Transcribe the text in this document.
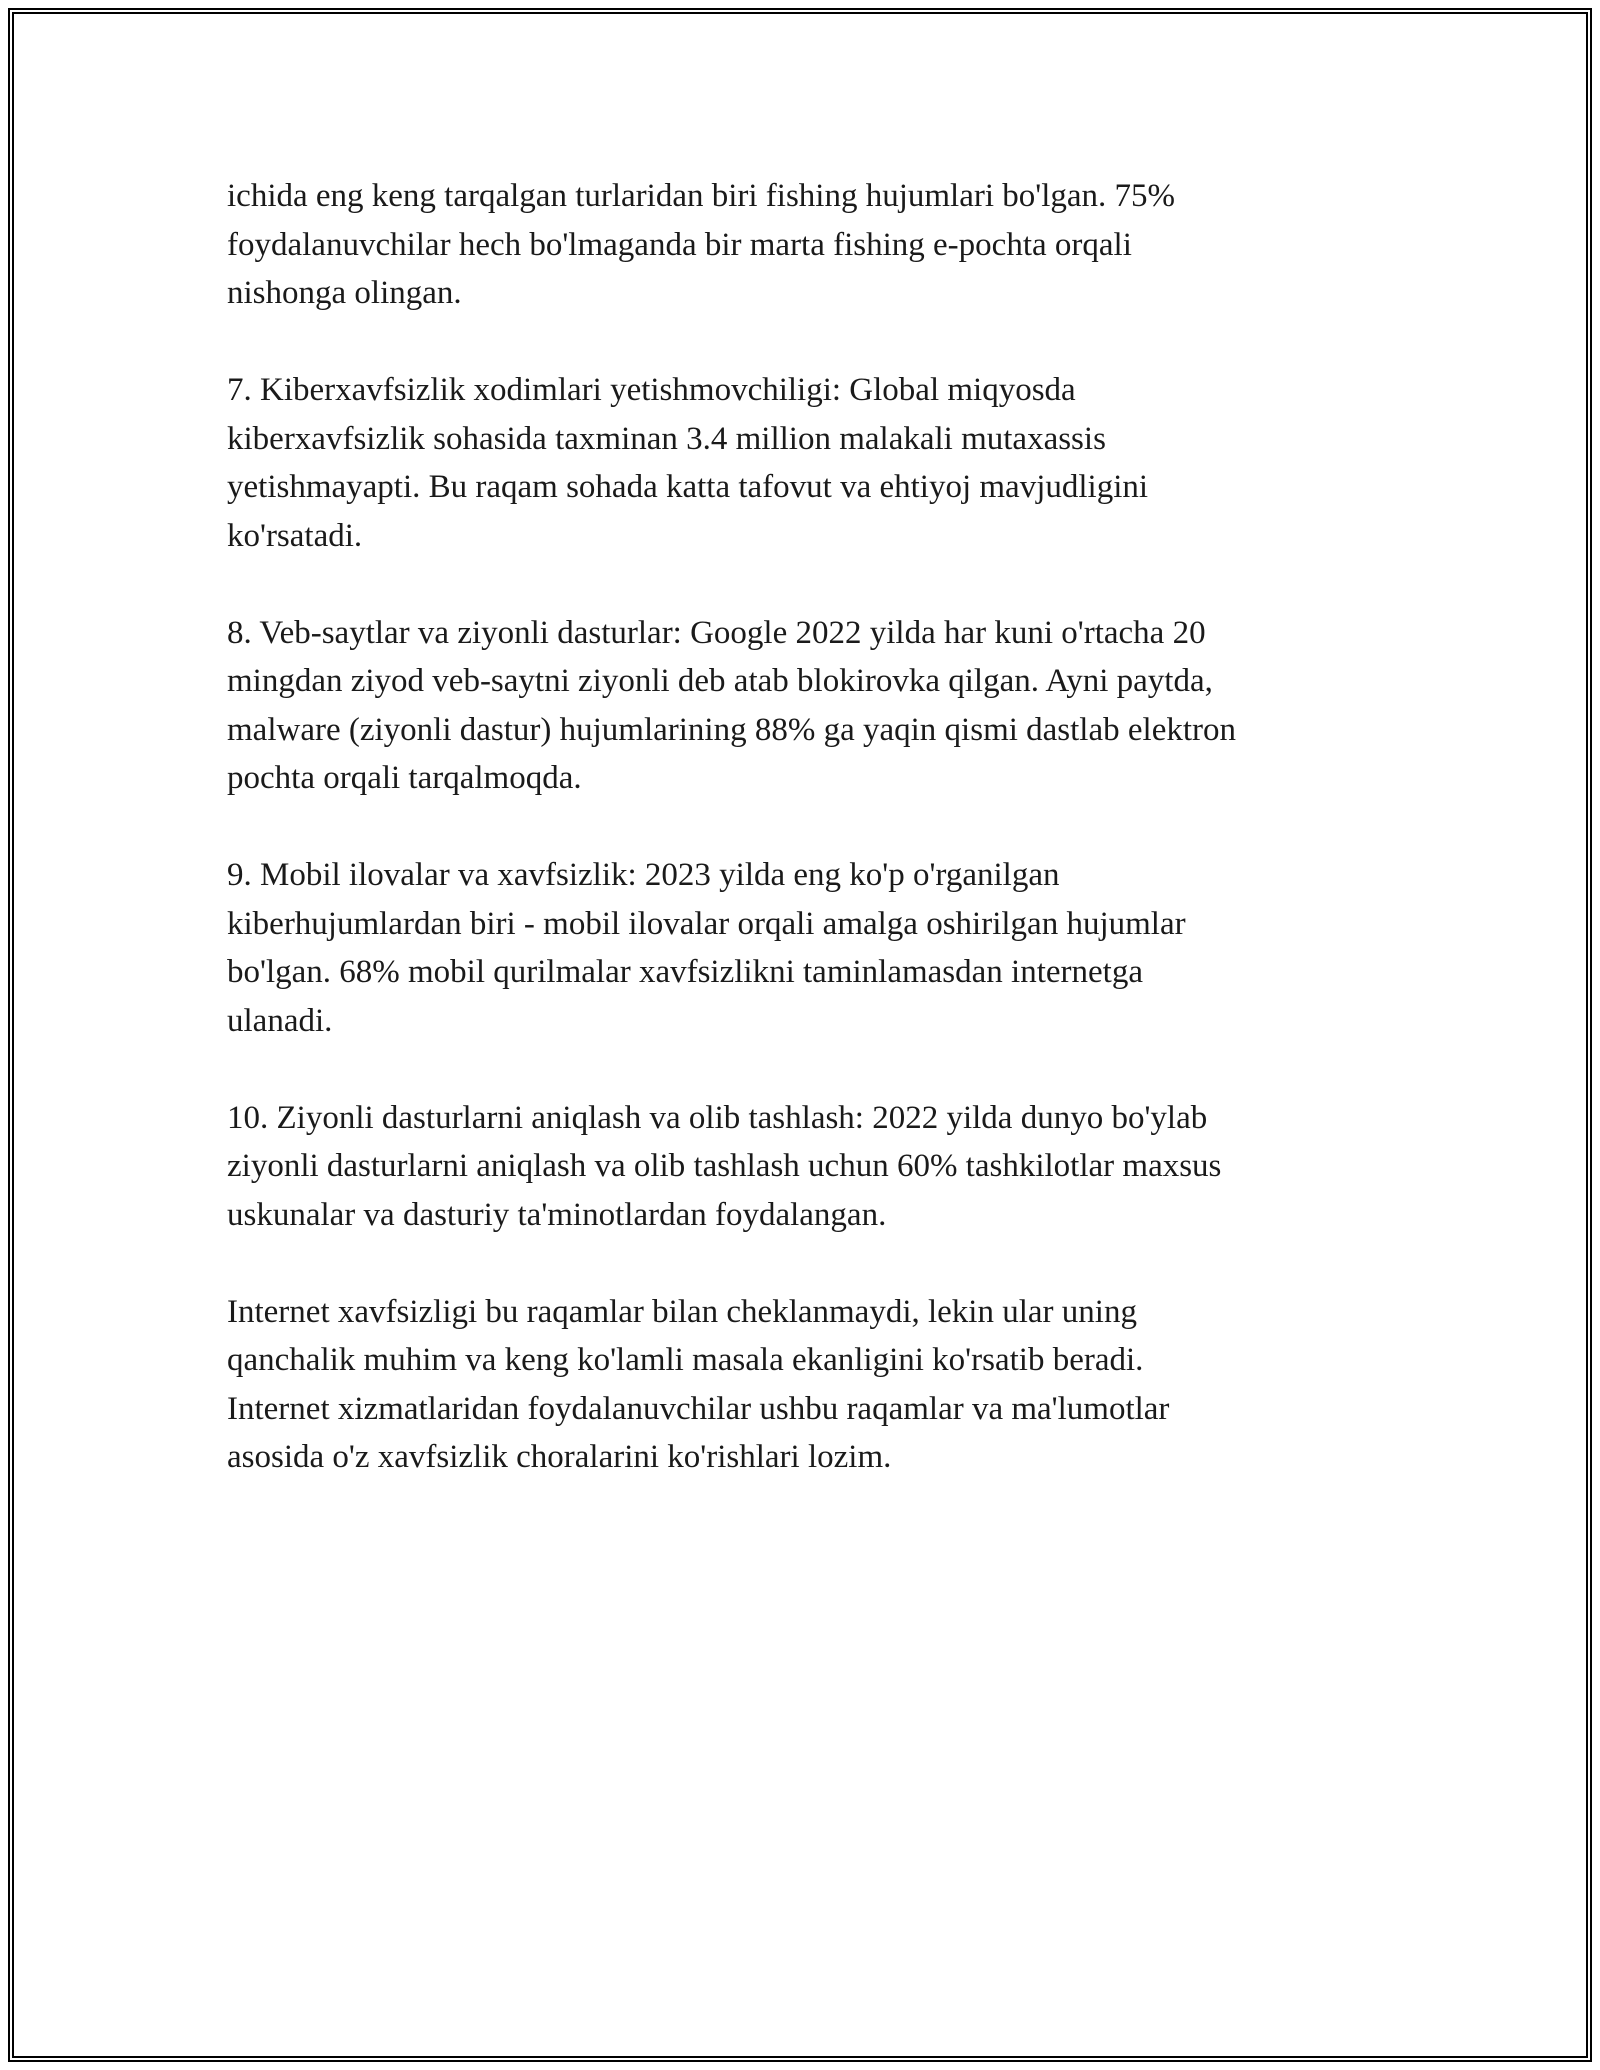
ichida eng keng tarqalgan turlaridan biri fishing hujumlari bo'lgan. 75%
foydalanuvchilar hech bo'lmaganda bir marta fishing e-pochta orqali
nishonga olingan.

7. Kiberxavfsizlik xodimlari yetishmovchiligi: Global miqyosda
kiberxavfsizlik sohasida taxminan 3.4 million malakali mutaxassis
yetishmayapti. Bu raqam sohada katta tafovut va ehtiyoj mavjudligini
ko'rsatadi.

8. Veb-saytlar va ziyonli dasturlar: Google 2022 yilda har kuni o'rtacha 20
mingdan ziyod veb-saytni ziyonli deb atab blokirovka qilgan. Ayni paytda,
malware (ziyonli dastur) hujumlarining 88% ga yaqin qismi dastlab elektron
pochta orqali tarqalmoqda.

9. Mobil ilovalar va xavfsizlik: 2023 yilda eng ko'p o'rganilgan
kiberhujumlardan biri - mobil ilovalar orqali amalga oshirilgan hujumlar
bo'lgan. 68% mobil qurilmalar xavfsizlikni taminlamasdan internetga
ulanadi.

10. Ziyonli dasturlarni aniqlash va olib tashlash: 2022 yilda dunyo bo'ylab
ziyonli dasturlarni aniqlash va olib tashlash uchun 60% tashkilotlar maxsus
uskunalar va dasturiy ta'minotlardan foydalangan.

Internet xavfsizligi bu raqamlar bilan cheklanmaydi, lekin ular uning
qanchalik muhim va keng ko'lamli masala ekanligini ko'rsatib beradi.
Internet xizmatlaridan foydalanuvchilar ushbu raqamlar va ma'lumotlar
asosida o'z xavfsizlik choralarini ko'rishlari lozim.
